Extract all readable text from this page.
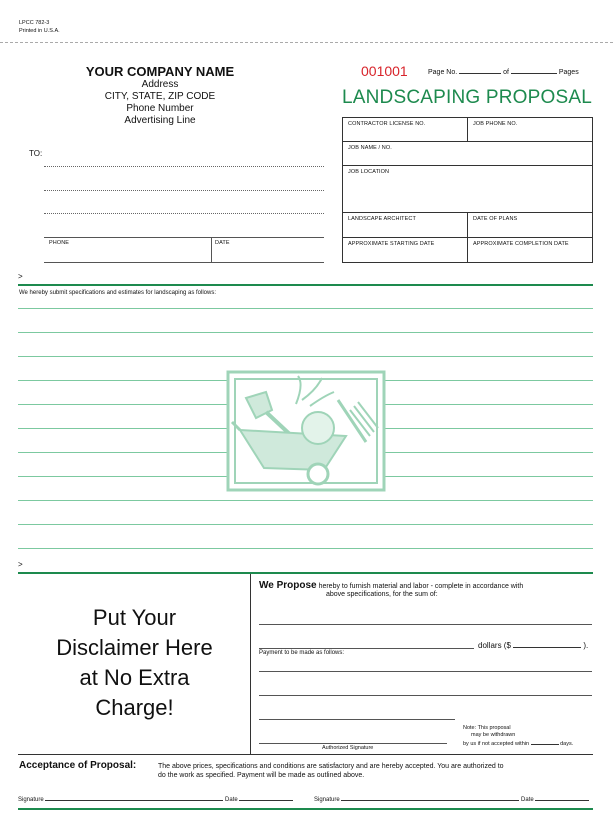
LPCC 782-3
Printed in U.S.A.
YOUR COMPANY NAME
Address
CITY, STATE, ZIP CODE
Phone Number
Advertising Line
001001	Page No.	of	Pages
LANDSCAPING PROPOSAL
TO:
PHONE	DATE
CONTRACTOR LICENSE NO.	JOB PHONE NO.
JOB NAME / NO.
JOB LOCATION
LANDSCAPE ARCHITECT	DATE OF PLANS
APPROXIMATE STARTING DATE	APPROXIMATE COMPLETION DATE
>
We hereby submit specifications and estimates for landscaping as follows:
>
Put Your
Disclaimer Here
at No Extra
Charge!
We Propose hereby to furnish material and labor - complete in accordance with
above specifications, for the sum of:
dollars ($	).
Payment to be made as follows:
Authorized Signature
Note: This proposal
may be withdrawn
by us if not accepted within	days.
Acceptance of Proposal:	The above prices, specifications and conditions are satisfactory and are hereby accepted. You are authorized to
do the work as specified. Payment will be made as outlined above.
Signature	Date	Signature	Date
